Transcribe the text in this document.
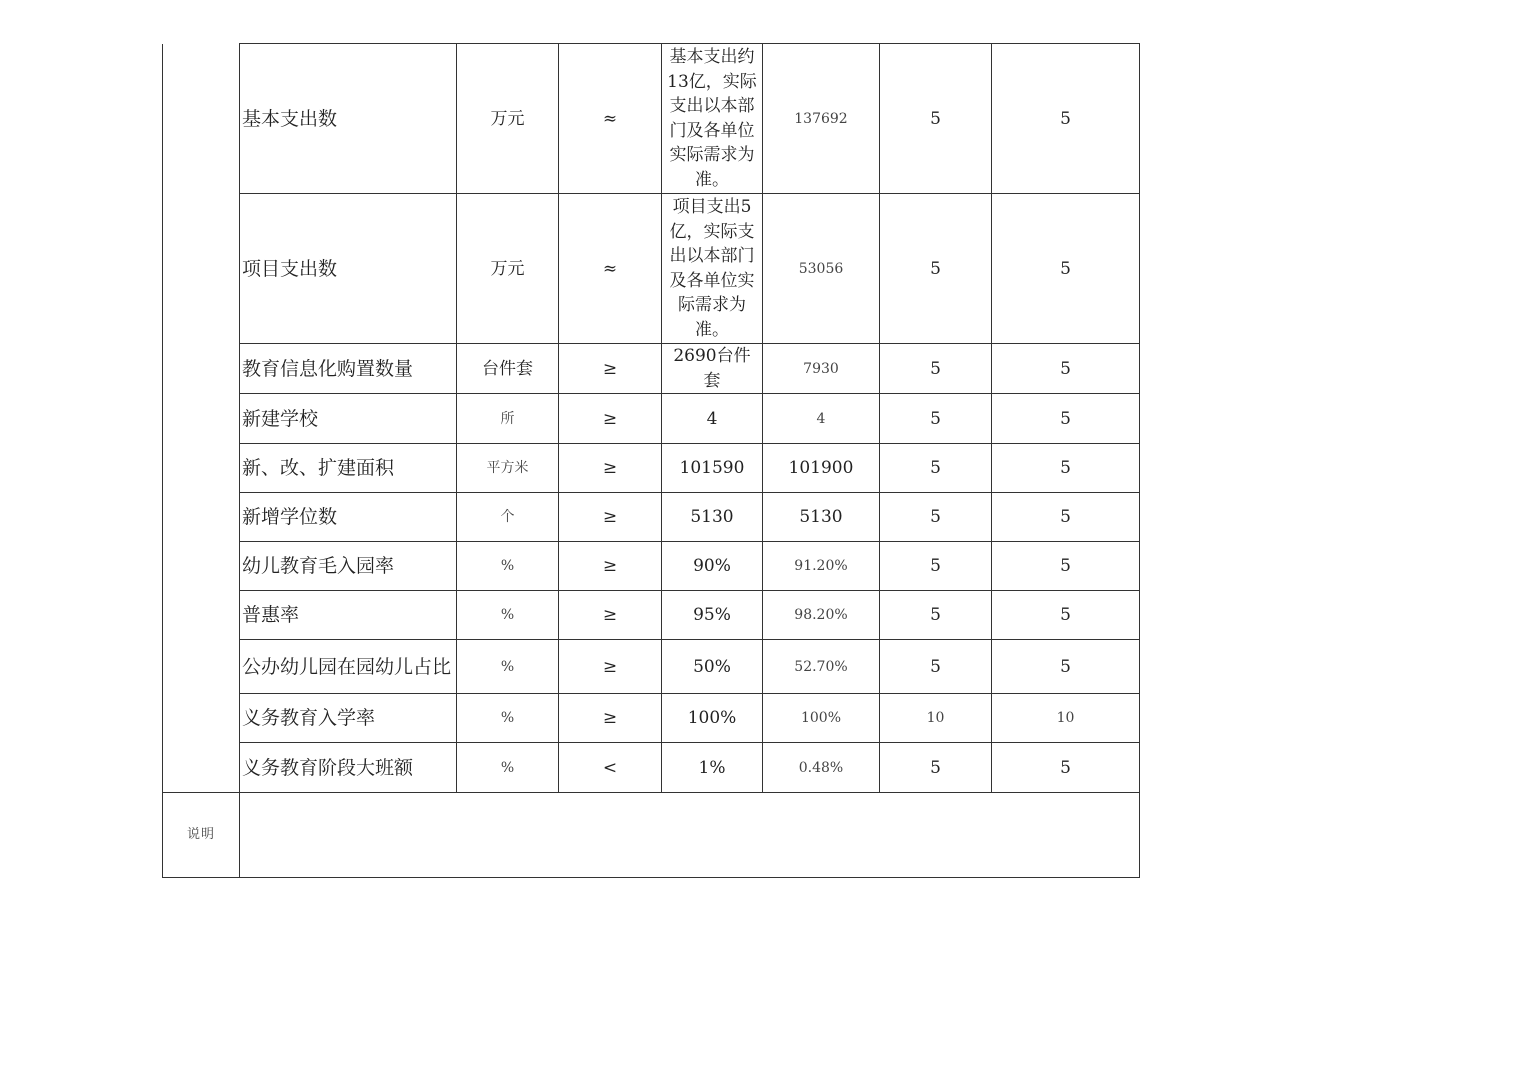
	基本支出数	万元	≈	基本支出约13亿，实际支出以本部门及各单位实际需求为准。	137692	5	5
	项目支出数	万元	≈	项目支出5亿，实际支出以本部门及各单位实际需求为准。	53056	5	5
	教育信息化购置数量	台件套	≥	2690台件套	7930	5	5
	新建学校	所	≥	4	4	5	5
	新、改、扩建面积	平方米	≥	101590	101900	5	5
	新增学位数	个	≥	5130	5130	5	5
	幼儿教育毛入园率	%	≥	90%	91.20%	5	5
	普惠率	%	≥	95%	98.20%	5	5
	公办幼儿园在园幼儿占比	%	≥	50%	52.70%	5	5
	义务教育入学率	%	≥	100%	100%	10	10
	义务教育阶段大班额	%	<	1%	0.48%	5	5
说明							
